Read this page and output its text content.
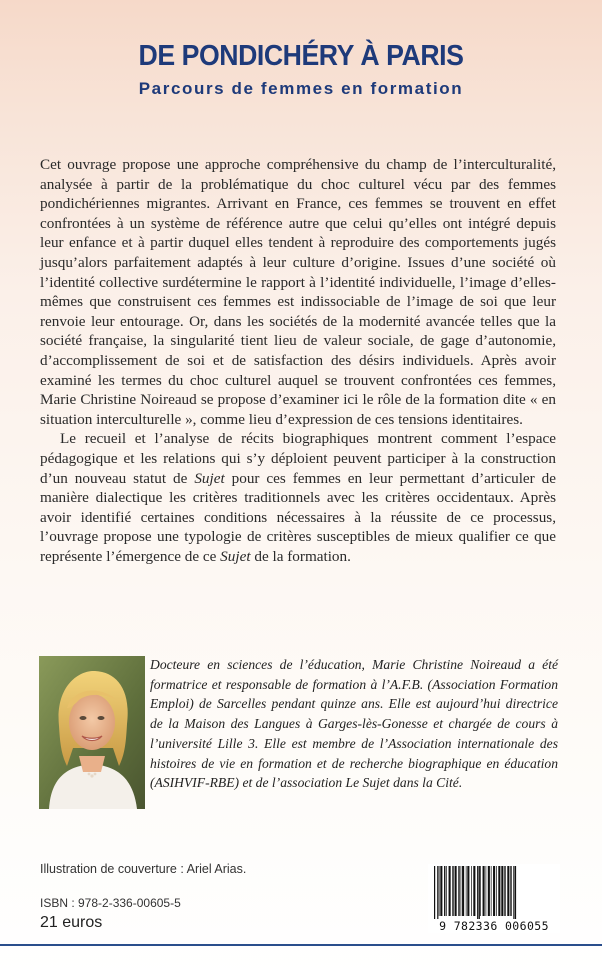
DE PONDICHÉRY À PARIS
Parcours de femmes en formation

Cet ouvrage propose une approche compréhensive du champ de l’interculturalité, analysée à partir de la problématique du choc culturel vécu par des femmes pondichériennes migrantes. Arrivant en France, ces femmes se trouvent en effet confrontées à un système de référence autre que celui qu’elles ont intégré depuis leur enfance et à partir duquel elles tendent à reproduire des comportements jugés jusqu’alors parfaitement adaptés à leur culture d’origine. Issues d’une société où l’identité collective surdétermine le rapport à l’identité individuelle, l’image d’elles-mêmes que construisent ces femmes est indissociable de l’image de soi que leur renvoie leur entourage. Or, dans les sociétés de la modernité avancée telles que la société française, la singularité tient lieu de valeur sociale, de gage d’autonomie, d’accomplissement de soi et de satisfaction des désirs individuels. Après avoir examiné les termes du choc culturel auquel se trouvent confrontées ces femmes, Marie Christine Noireaud se propose d’examiner ici le rôle de la formation dite « en situation interculturelle », comme lieu d’expression de ces tensions identitaires.

Le recueil et l’analyse de récits biographiques montrent comment l’espace pédagogique et les relations qui s’y déploient peuvent participer à la construction d’un nouveau statut de Sujet pour ces femmes en leur permettant d’articuler de manière dialectique les critères traditionnels avec les critères occidentaux. Après avoir identifié certaines conditions nécessaires à la réussite de ce processus, l’ouvrage propose une typologie de critères susceptibles de mieux qualifier ce que représente l’émergence de ce Sujet de la formation.

Docteure en sciences de l’éducation, Marie Christine Noireaud a été formatrice et responsable de formation à l’A.F.B. (Association Formation Emploi) de Sarcelles pendant quinze ans. Elle est aujourd’hui directrice de la Maison des Langues à Garges-lès-Gonesse et chargée de cours à l’université Lille 3. Elle est membre de l’Association internationale des histoires de vie en formation et de recherche biographique en éducation (ASIHVIF-RBE) et de l’association Le Sujet dans la Cité.
Illustration de couverture : Ariel Arias.
ISBN : 978-2-336-00605-5
21 euros	9 782336 006055
